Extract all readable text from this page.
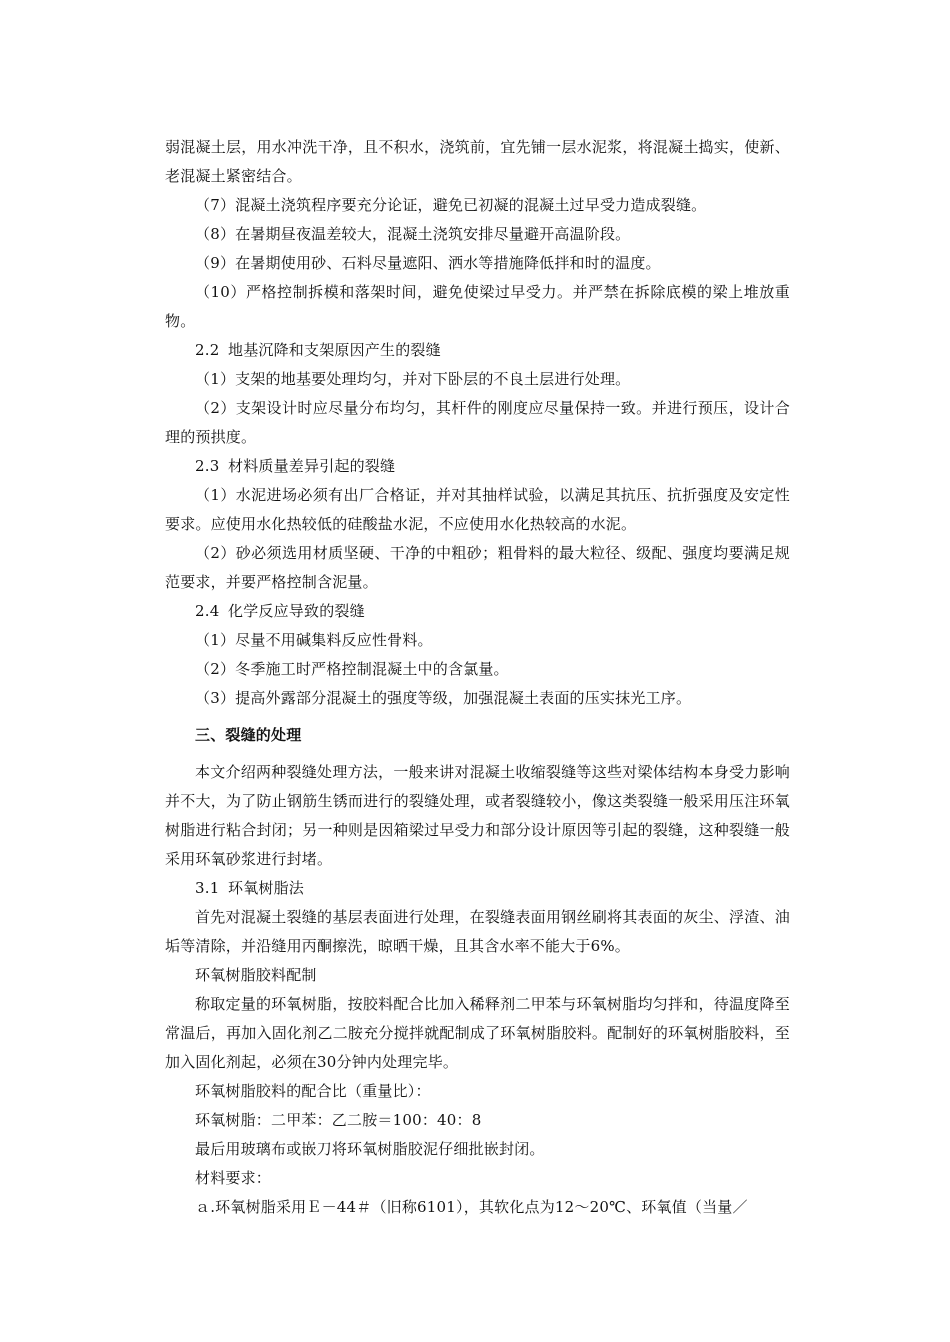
弱混凝土层，用水冲洗干净，且不积水，浇筑前，宜先铺一层水泥浆，将混凝土捣实，使新、老混凝土紧密结合。

（7）混凝土浇筑程序要充分论证，避免已初凝的混凝土过早受力造成裂缝。

（8）在暑期昼夜温差较大，混凝土浇筑安排尽量避开高温阶段。

（9）在暑期使用砂、石料尽量遮阳、洒水等措施降低拌和时的温度。

（10）严格控制拆模和落架时间，避免使梁过早受力。并严禁在拆除底模的梁上堆放重物。

2.2 地基沉降和支架原因产生的裂缝

（1）支架的地基要处理均匀，并对下卧层的不良土层进行处理。

（2）支架设计时应尽量分布均匀，其杆件的刚度应尽量保持一致。并进行预压，设计合理的预拱度。

2.3 材料质量差异引起的裂缝

（1）水泥进场必须有出厂合格证，并对其抽样试验，以满足其抗压、抗折强度及安定性要求。应使用水化热较低的硅酸盐水泥，不应使用水化热较高的水泥。

（2）砂必须选用材质坚硬、干净的中粗砂；粗骨料的最大粒径、级配、强度均要满足规范要求，并要严格控制含泥量。

2.4 化学反应导致的裂缝

（1）尽量不用碱集料反应性骨料。

（2）冬季施工时严格控制混凝土中的含氯量。

（3）提高外露部分混凝土的强度等级，加强混凝土表面的压实抹光工序。

三、裂缝的处理

本文介绍两种裂缝处理方法，一般来讲对混凝土收缩裂缝等这些对梁体结构本身受力影响并不大，为了防止钢筋生锈而进行的裂缝处理，或者裂缝较小，像这类裂缝一般采用压注环氧树脂进行粘合封闭；另一种则是因箱梁过早受力和部分设计原因等引起的裂缝，这种裂缝一般采用环氧砂浆进行封堵。

3.1 环氧树脂法

首先对混凝土裂缝的基层表面进行处理，在裂缝表面用钢丝刷将其表面的灰尘、浮渣、油垢等清除，并沿缝用丙酮擦洗，晾晒干燥，且其含水率不能大于6%。

环氧树脂胶料配制

称取定量的环氧树脂，按胶料配合比加入稀释剂二甲苯与环氧树脂均匀拌和，待温度降至常温后，再加入固化剂乙二胺充分搅拌就配制成了环氧树脂胶料。配制好的环氧树脂胶料，至加入固化剂起，必须在30分钟内处理完毕。

环氧树脂胶料的配合比（重量比）：

环氧树脂：二甲苯：乙二胺＝100：40：8

最后用玻璃布或嵌刀将环氧树脂胶泥仔细批嵌封闭。

材料要求：

ａ.环氧树脂采用Ｅ－44＃（旧称6101），其软化点为12～20℃、环氧值（当量／
